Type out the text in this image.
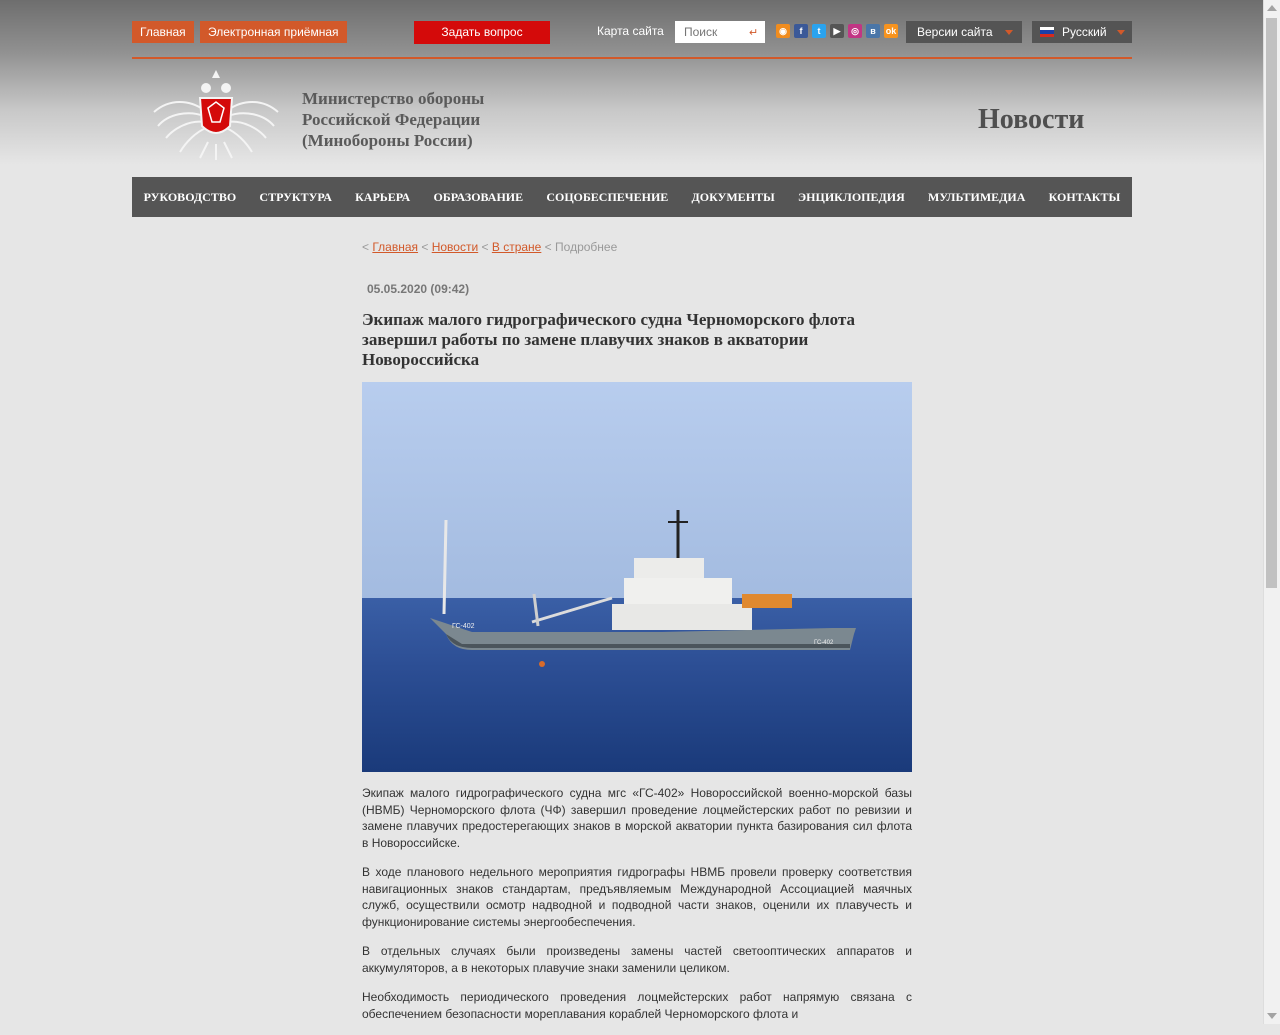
Главная	Электронная приёмная	Задать вопрос	Карта сайта
Поиск	↵	◉	f	t	▶	◎	в	ok	Версии сайта	Русский
Министерство обороны
Российской Федерации
(Минобороны России)
Новости
РУКОВОДСТВО СТРУКТУРА КАРЬЕРА ОБРАЗОВАНИЕ СОЦОБЕСПЕЧЕНИЕ ДОКУМЕНТЫ ЭНЦИКЛОПЕДИЯ МУЛЬТИМЕДИА КОНТАКТЫ
< Главная < Новости < В стране < Подробнее
05.05.2020 (09:42)
Экипаж малого гидрографического судна Черноморского флота завершил работы по замене плавучих знаков в акватории Новороссийска
ГС-402
ГС-402

Экипаж малого гидрографического судна мгс «ГС-402» Новороссийской военно-морской базы (НВМБ) Черноморского флота (ЧФ) завершил проведение лоцмейстерских работ по ревизии и замене плавучих предостерегающих знаков в морской акватории пункта базирования сил флота в Новороссийске.

В ходе планового недельного мероприятия гидрографы НВМБ провели проверку соответствия навигационных знаков стандартам, предъявляемым Международной Ассоциацией маячных служб, осуществили осмотр надводной и подводной части знаков, оценили их плавучесть и функционирование системы энергообеспечения.

В отдельных случаях были произведены замены частей светооптических аппаратов и аккумуляторов, а в некоторых плавучие знаки заменили целиком.

Необходимость периодического проведения лоцмейстерских работ напрямую связана с обеспечением безопасности мореплавания кораблей Черноморского флота и
